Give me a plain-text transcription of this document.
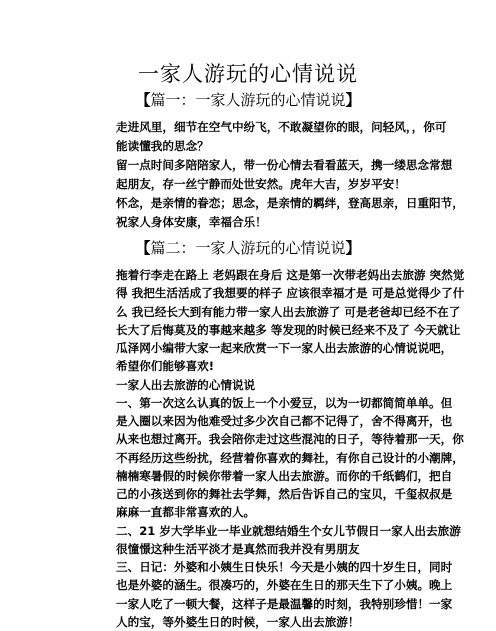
一家人游玩的心情说说
【篇一：一家人游玩的心情说说】
走进风里，细节在空气中纷飞，不敢凝望你的眼，问轻风，，你可
能读懂我的思念？
留一点时间多陪陪家人，带一份心情去看看蓝天，携一缕思念常想
起朋友，存一丝宁静而处世安然。虎年大吉，岁岁平安！
怀念，是亲情的眷恋；思念，是亲情的羁绊，登高思亲，日重阳节，
祝家人身体安康，幸福合乐！
【篇二：一家人游玩的心情说说】
拖着行李走在路上 老妈跟在身后 这是第一次带老妈出去旅游 突然觉
得 我把生活活成了我想要的样子 应该很幸福才是 可是总觉得少了什
么 我已经长大到有能力带一家人出去旅游了 可是老爸却已经不在了
长大了后悔莫及的事越来越多 等发现的时候已经来不及了 今天就让
瓜泽网小编带大家一起来欣赏一下一家人出去旅游的心情说说吧，
希望你们能够喜欢!
一家人出去旅游的心情说说
一、第一次这么认真的饭上一个小爱豆，以为一切都简简单单。但
是入圈以来因为他难受过多少次自己都不记得了，舍不得离开，也
从来也想过离开。我会陪你走过这些混沌的日子，等待着那一天，你
不再经历这些纷扰，经营着你喜欢的舞社，有你自己设计的小潮牌，
楠楠寒暑假的时候你带着一家人出去旅游。而你的千纸鹤们，把自
己的小孩送到你的舞社去学舞，然后告诉自己的宝贝，千玺叔叔是
麻麻一直都非常喜欢的人。
二、21 岁大学毕业一毕业就想结婚生个女儿节假日一家人出去旅游
很憧憬这种生活平淡才是真然而我并没有男朋友
三、日记：外婆和小姨生日快乐！今天是小姨的四十岁生日，同时
也是外婆的涵生。很凑巧的，外婆在生日的那天生下了小姨。晚上
一家人吃了一顿大餐，这样子是最温馨的时刻，我特别珍惜！一家
人的宝，等外婆生日的时候，一家人出去旅游！
